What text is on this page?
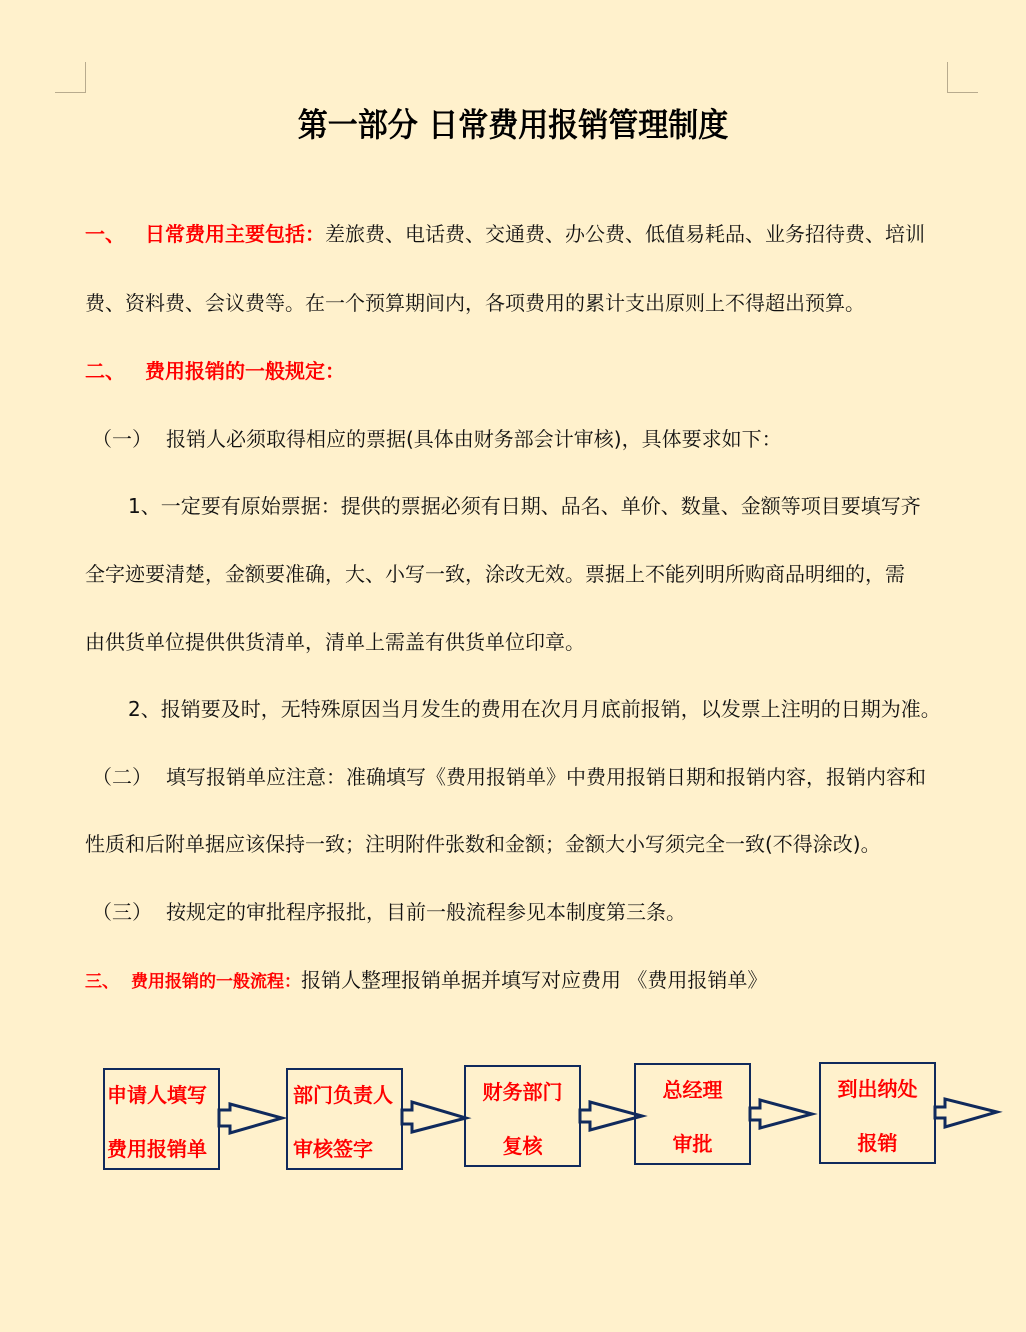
第一部分 日常费用报销管理制度
一、 日常费用主要包括：差旅费、电话费、交通费、办公费、低值易耗品、业务招待费、培训
费、资料费、会议费等。在一个预算期间内，各项费用的累计支出原则上不得超出预算。
二、 费用报销的一般规定：
（一） 报销人必须取得相应的票据(具体由财务部会计审核)，具体要求如下：
1、一定要有原始票据：提供的票据必须有日期、品名、单价、数量、金额等项目要填写齐
全字迹要清楚，金额要准确，大、小写一致，涂改无效。票据上不能列明所购商品明细的，需
由供货单位提供供货清单，清单上需盖有供货单位印章。
2、报销要及时，无特殊原因当月发生的费用在次月月底前报销，以发票上注明的日期为准。
（二） 填写报销单应注意：准确填写《费用报销单》中费用报销日期和报销内容，报销内容和
性质和后附单据应该保持一致；注明附件张数和金额；金额大小写须完全一致(不得涂改)。
（三） 按规定的审批程序报批，目前一般流程参见本制度第三条。
三、 费用报销的一般流程：报销人整理报销单据并填写对应费用 《费用报销单》
申请人填写
费用报销单
部门负责人
审核签字
财务部门
复核
总经理
审批
到出纳处
报销
